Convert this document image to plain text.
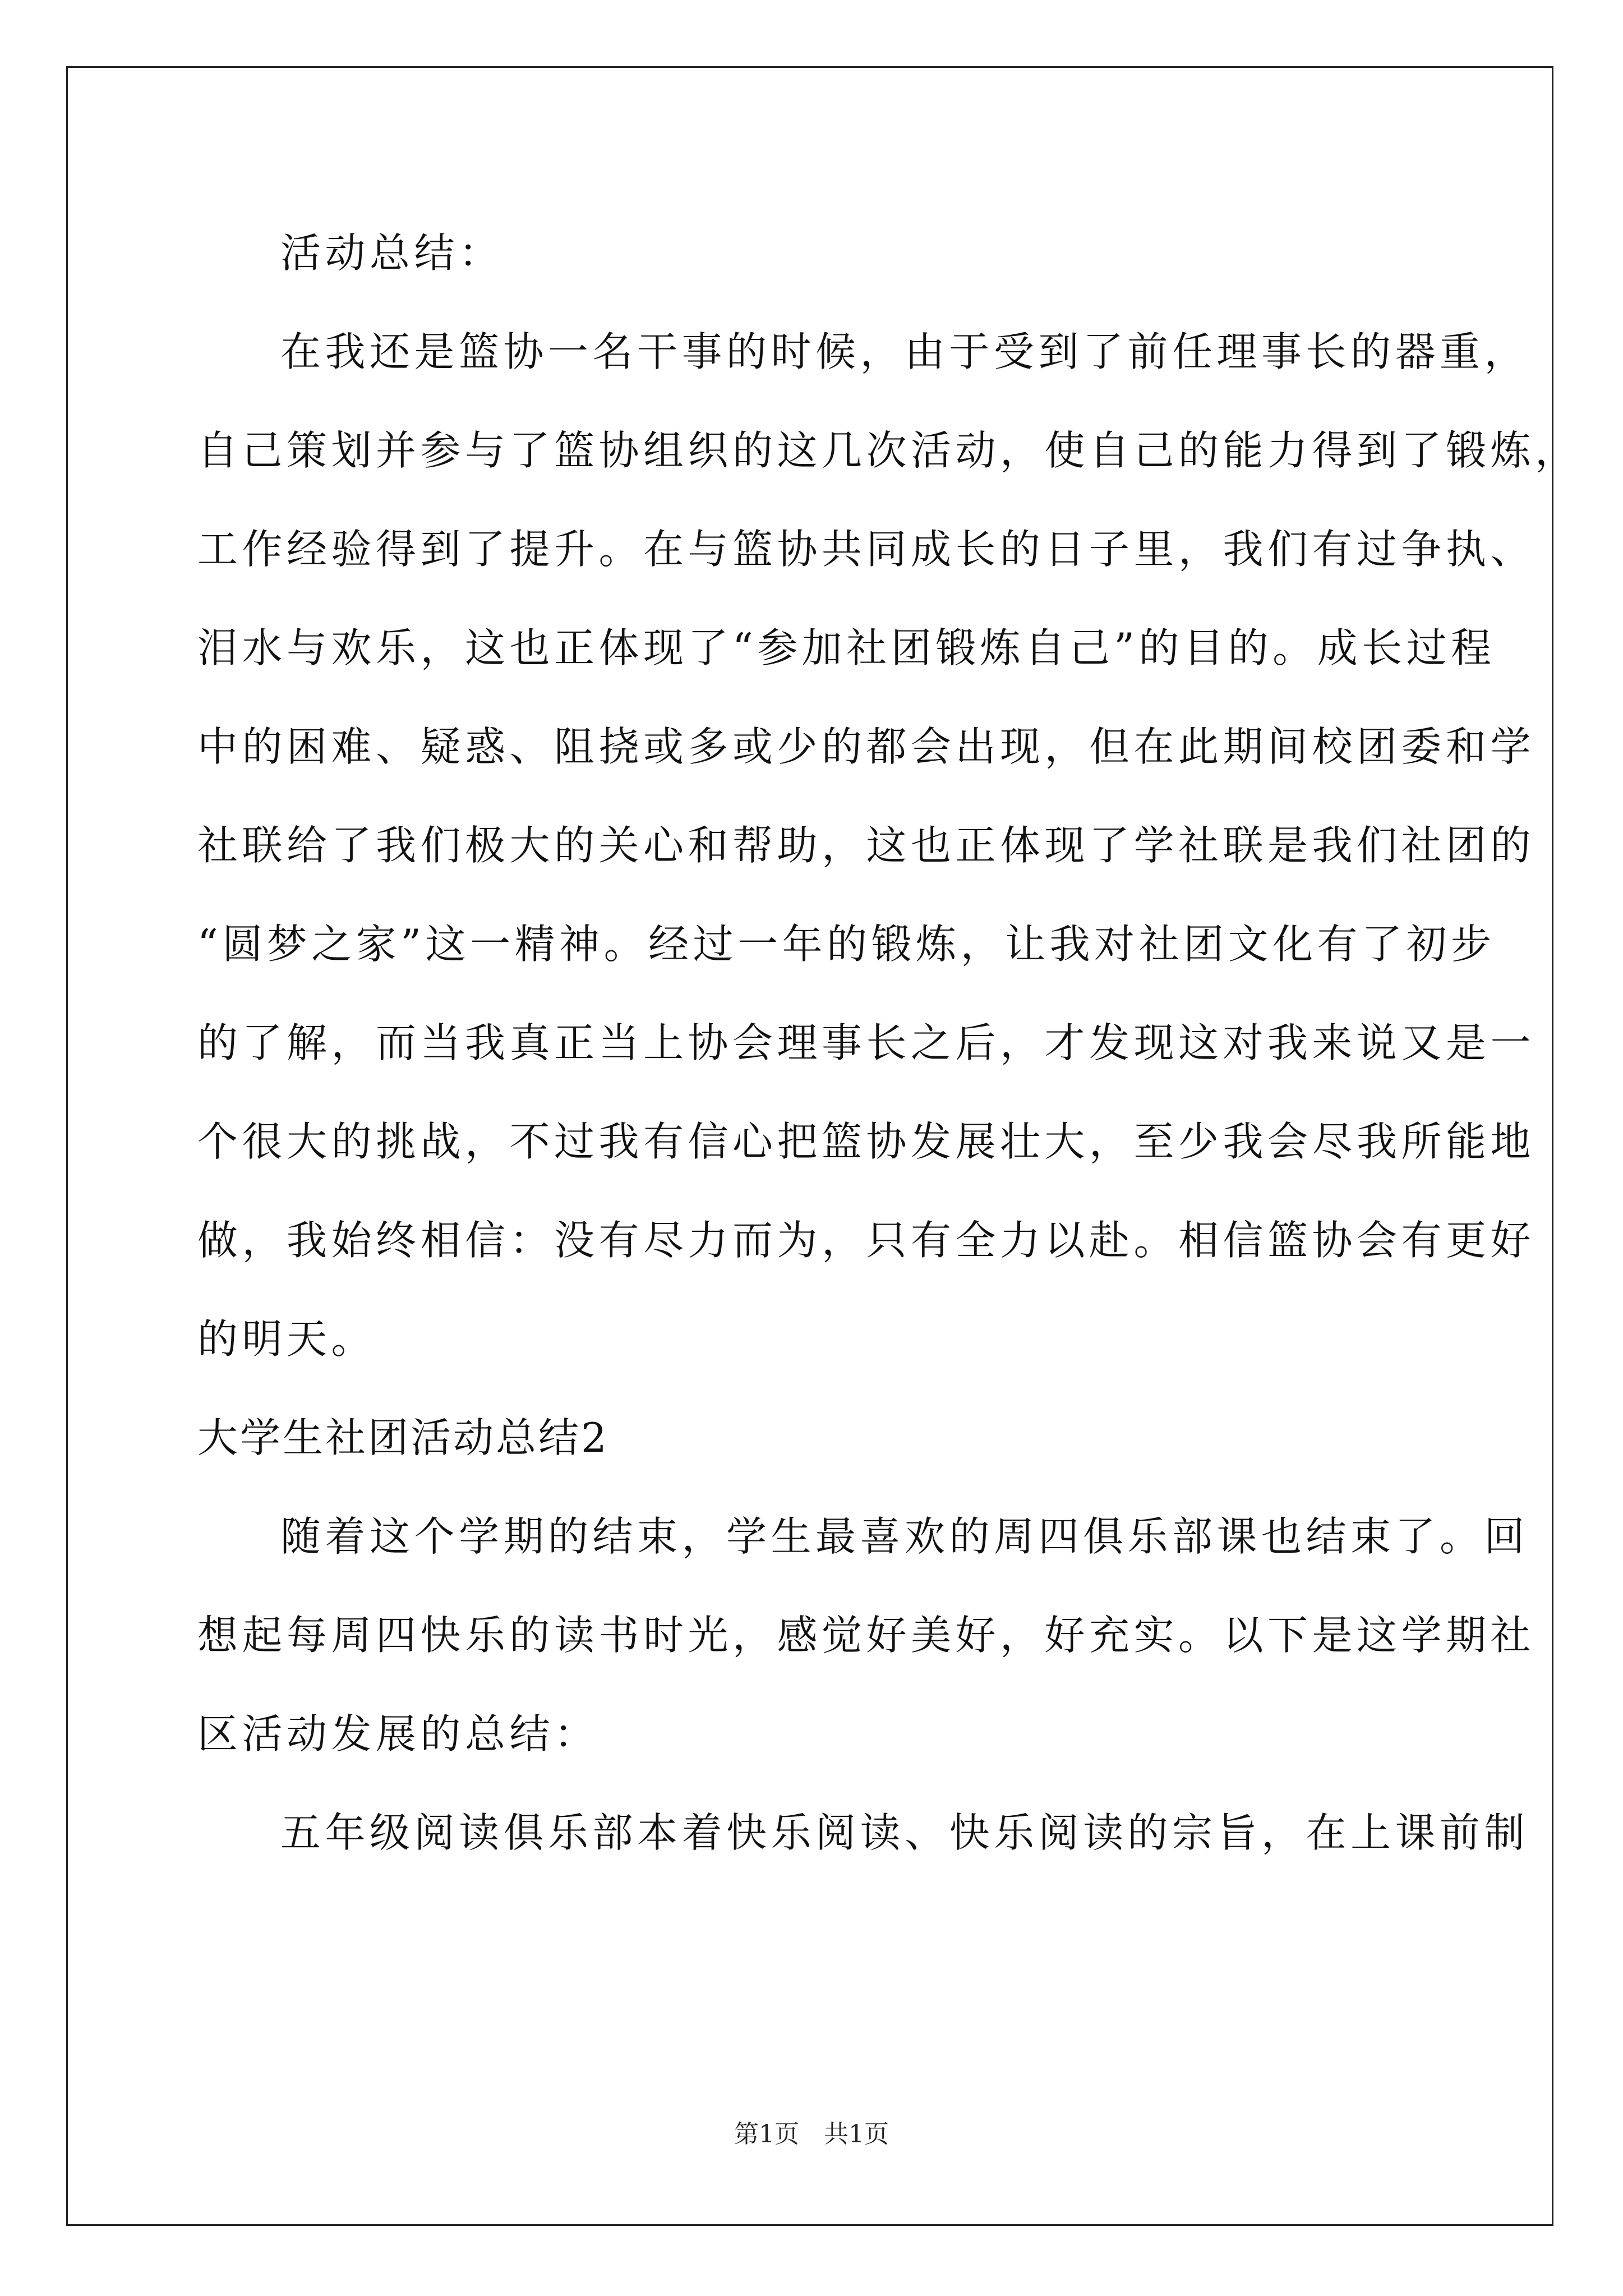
活动总结：
在我还是篮协一名干事的时候，由于受到了前任理事长的器重，
自己策划并参与了篮协组织的这几次活动，使自己的能力得到了锻炼，
工作经验得到了提升。在与篮协共同成长的日子里，我们有过争执、
泪水与欢乐，这也正体现了“参加社团锻炼自己”的目的。成长过程
中的困难、疑惑、阻挠或多或少的都会出现，但在此期间校团委和学
社联给了我们极大的关心和帮助，这也正体现了学社联是我们社团的
“圆梦之家”这一精神。经过一年的锻炼，让我对社团文化有了初步
的了解，而当我真正当上协会理事长之后，才发现这对我来说又是一
个很大的挑战，不过我有信心把篮协发展壮大，至少我会尽我所能地
做，我始终相信：没有尽力而为，只有全力以赴。相信篮协会有更好
的明天。
大学生社团活动总结2
随着这个学期的结束，学生最喜欢的周四俱乐部课也结束了。回
想起每周四快乐的读书时光，感觉好美好，好充实。以下是这学期社
区活动发展的总结：
五年级阅读俱乐部本着快乐阅读、快乐阅读的宗旨，在上课前制
第1页　共1页
